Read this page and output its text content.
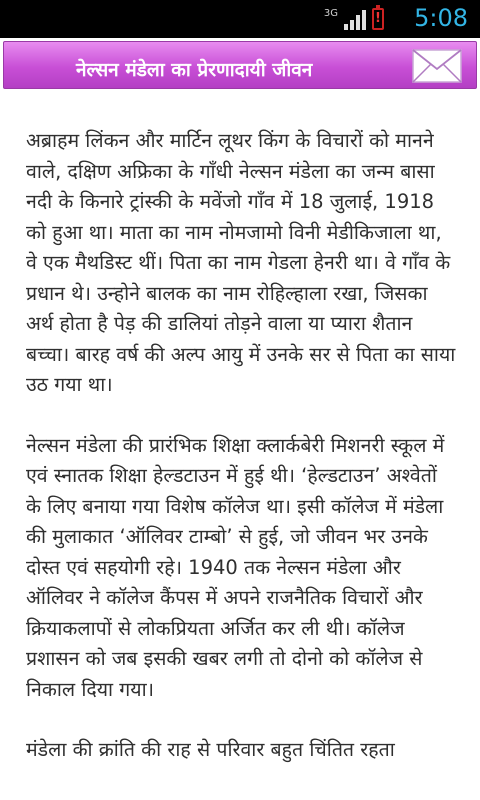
3G	! 5:08
नेल्सन मंडेला का प्रेरणादायी जीवन

अब्राहम लिंकन और मार्टिन लूथर किंग के विचारों को मानने वाले, दक्षिण अफ्रिका के गाँधी नेल्सन मंडेला का जन्म बासा नदी के किनारे ट्रांस्की के मवेंजो गाँव में 18 जुलाई, 1918 को हुआ था। माता का नाम नोमजामो विनी मेडीकिजाला था, वे एक मैथडिस्ट थीं। पिता का नाम गेडला हेनरी था। वे गाँव के प्रधान थे। उन्होने बालक का नाम रोहिल्हाला रखा, जिसका अर्थ होता है पेड़ की डालियां तोड़ने वाला या प्यारा शैतान बच्चा। बारह वर्ष की अल्प आयु में उनके सर से पिता का साया उठ गया था।

नेल्सन मंडेला की प्रारंभिक शिक्षा क्लार्कबेरी मिशनरी स्कूल में एवं स्नातक शिक्षा हेल्डटाउन में हुई थी। ‘हेल्डटाउन’ अश्वेतों के लिए बनाया गया विशेष कॉलेज था। इसी कॉलेज में मंडेला की मुलाकात ‘ऑलिवर टाम्बो’ से हुई, जो जीवन भर उनके दोस्त एवं सहयोगी रहे। 1940 तक नेल्सन मंडेला और ऑलिवर ने कॉलेज कैंपस में अपने राजनैतिक विचारों और क्रियाकलापों से लोकप्रियता अर्जित कर ली थी। कॉलेज प्रशासन को जब इसकी खबर लगी तो दोनो को कॉलेज से निकाल दिया गया।

मंडेला की क्रांति की राह से परिवार बहुत चिंतित रहता
